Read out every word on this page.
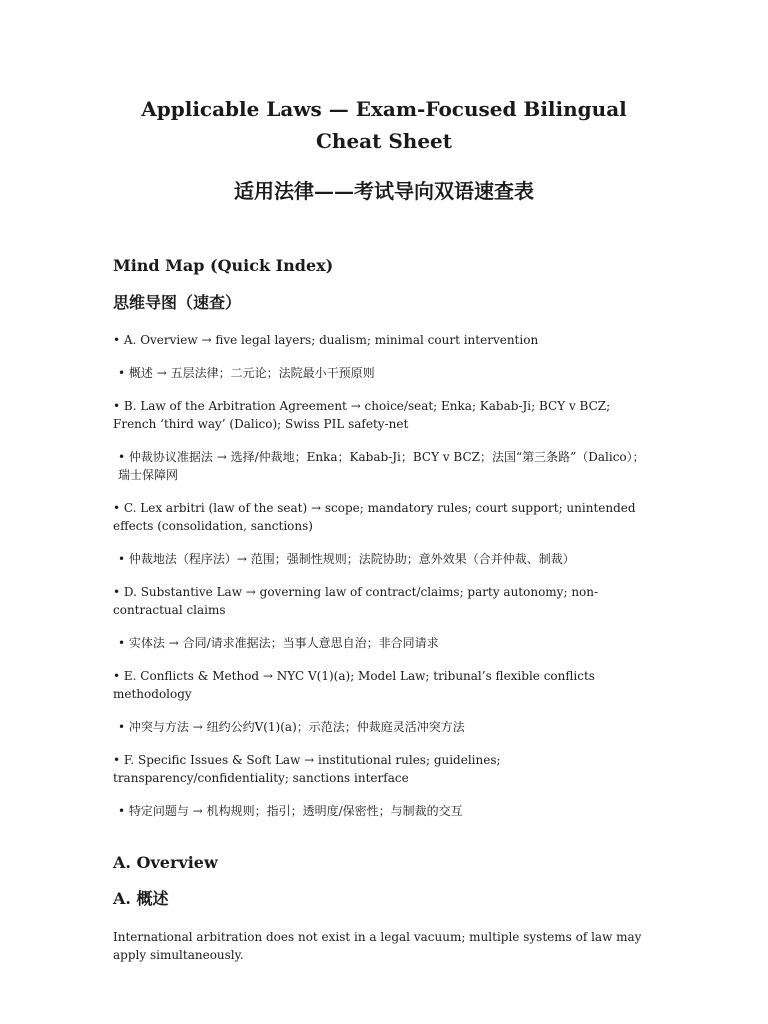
Applicable Laws — Exam-Focused Bilingual Cheat Sheet
适用法律——考试导向双语速查表
Mind Map (Quick Index)
思维导图（速查）

• A. Overview → five legal layers; dualism; minimal court intervention

• 概述 → 五层法律；二元论；法院最小干预原则

• B. Law of the Arbitration Agreement → choice/seat; Enka; Kabab-Ji; BCY v BCZ; French ‘third way’ (Dalico); Swiss PIL safety-net

• 仲裁协议准据法 → 选择/仲裁地；Enka；Kabab-Ji；BCY v BCZ；法国“第三条路”（Dalico）；瑞士保障网

• C. Lex arbitri (law of the seat) → scope; mandatory rules; court support; unintended effects (consolidation, sanctions)

• 仲裁地法（程序法）→ 范围；强制性规则；法院协助；意外效果（合并仲裁、制裁）

• D. Substantive Law → governing law of contract/claims; party autonomy; non-contractual claims

• 实体法 → 合同/请求准据法；当事人意思自治；非合同请求

• E. Conflicts & Method → NYC V(1)(a); Model Law; tribunal’s flexible conflicts methodology

• 冲突与方法 → 纽约公约V(1)(a)；示范法；仲裁庭灵活冲突方法

• F. Specific Issues & Soft Law → institutional rules; guidelines; transparency/confidentiality; sanctions interface

• 特定问题与 → 机构规则；指引；透明度/保密性；与制裁的交互

A. Overview
A. 概述
International arbitration does not exist in a legal vacuum; multiple systems of law may apply simultaneously.
